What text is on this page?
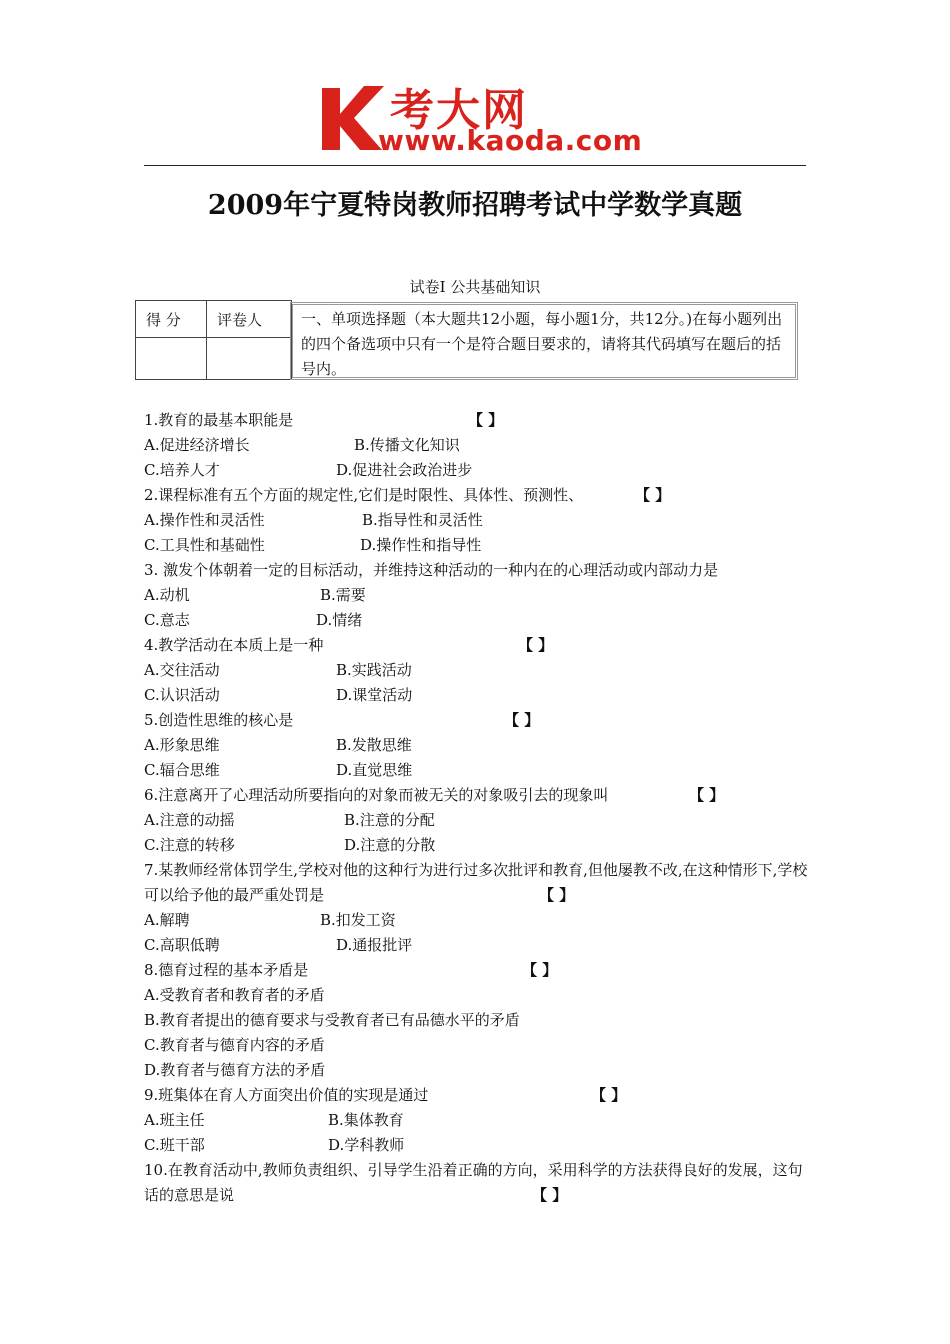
考大网
www.kaoda.com
2009年宁夏特岗教师招聘考试中学数学真题
试卷Ⅰ 公共基础知识
得 分	评卷人
		一、单项选择题（本大题共12小题，每小题1分，共12分。)在每小题列出的四个备选项中只有一个是符合题目要求的，请将其代码填写在题后的括号内。
1.教育的最基本职能是	【 】
A.促进经济增长	B.传播文化知识
C.培养人才	D.促进社会政治进步
2.课程标准有五个方面的规定性,它们是时限性、具体性、预测性、	【 】
A.操作性和灵活性	B.指导性和灵活性
C.工具性和基础性	D.操作性和指导性
3. 激发个体朝着一定的目标活动，并维持这种活动的一种内在的心理活动或内部动力是
A.动机	B.需要
C.意志	D.情绪
4.教学活动在本质上是一种	【 】
A.交往活动	B.实践活动
C.认识活动	D.课堂活动
5.创造性思维的核心是	【 】
A.形象思维	B.发散思维
C.辐合思维	D.直觉思维
6.注意离开了心理活动所要指向的对象而被无关的对象吸引去的现象叫	【 】
A.注意的动摇	B.注意的分配
C.注意的转移	D.注意的分散
7.某教师经常体罚学生,学校对他的这种行为进行过多次批评和教育,但他屡教不改,在这种情形下,学校可以给予他的最严重处罚是	【 】
A.解聘	B.扣发工资
C.高职低聘	D.通报批评
8.德育过程的基本矛盾是	【 】
A.受教育者和教育者的矛盾
B.教育者提出的德育要求与受教育者已有品德水平的矛盾
C.教育者与德育内容的矛盾
D.教育者与德育方法的矛盾
9.班集体在育人方面突出价值的实现是通过	【 】
A.班主任	B.集体教育
C.班干部	D.学科教师
10.在教育活动中,教师负责组织、引导学生沿着正确的方向，采用科学的方法获得良好的发展，这句话的意思是说	【 】
